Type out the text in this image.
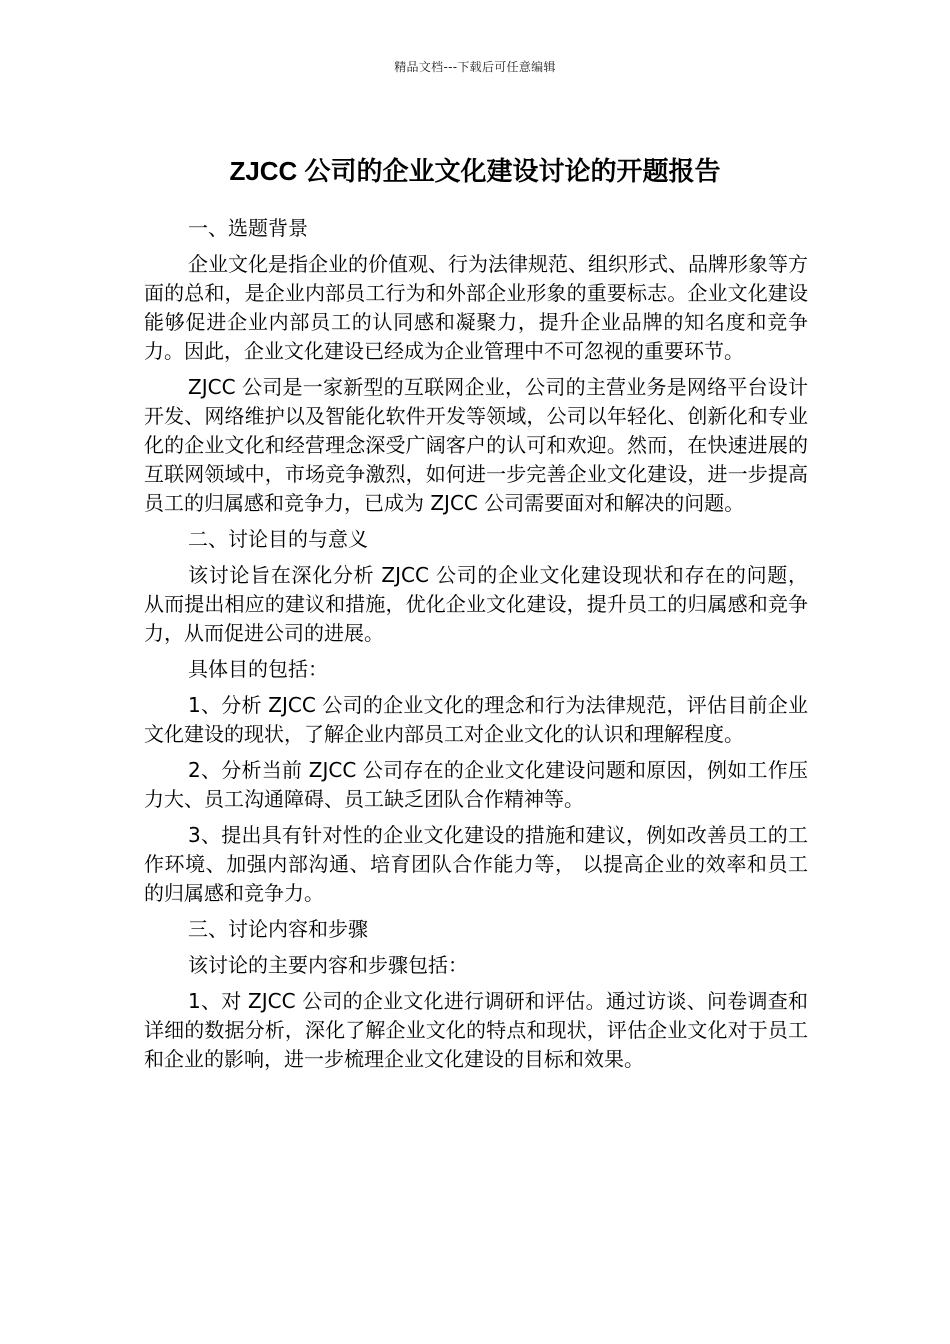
精品文档---下载后可任意编辑
ZJCC 公司的企业文化建设讨论的开题报告

一、选题背景

企业文化是指企业的价值观、行为法律规范、组织形式、品牌形象等方面的总和，是企业内部员工行为和外部企业形象的重要标志。企业文化建设能够促进企业内部员工的认同感和凝聚力，提升企业品牌的知名度和竞争力。因此，企业文化建设已经成为企业管理中不可忽视的重要环节。

ZJCC 公司是一家新型的互联网企业，公司的主营业务是网络平台设计开发、网络维护以及智能化软件开发等领域，公司以年轻化、创新化和专业化的企业文化和经营理念深受广阔客户的认可和欢迎。然而，在快速进展的互联网领域中，市场竞争激烈，如何进一步完善企业文化建设，进一步提高员工的归属感和竞争力，已成为 ZJCC 公司需要面对和解决的问题。

二、讨论目的与意义

该讨论旨在深化分析 ZJCC 公司的企业文化建设现状和存在的问题，从而提出相应的建议和措施，优化企业文化建设，提升员工的归属感和竞争力，从而促进公司的进展。

具体目的包括：

1、分析 ZJCC 公司的企业文化的理念和行为法律规范，评估目前企业文化建设的现状，了解企业内部员工对企业文化的认识和理解程度。

2、分析当前 ZJCC 公司存在的企业文化建设问题和原因，例如工作压力大、员工沟通障碍、员工缺乏团队合作精神等。

3、提出具有针对性的企业文化建设的措施和建议，例如改善员工的工作环境、加强内部沟通、培育团队合作能力等， 以提高企业的效率和员工的归属感和竞争力。

三、讨论内容和步骤

该讨论的主要内容和步骤包括：

1、对 ZJCC 公司的企业文化进行调研和评估。通过访谈、问卷调查和详细的数据分析，深化了解企业文化的特点和现状，评估企业文化对于员工和企业的影响，进一步梳理企业文化建设的目标和效果。
